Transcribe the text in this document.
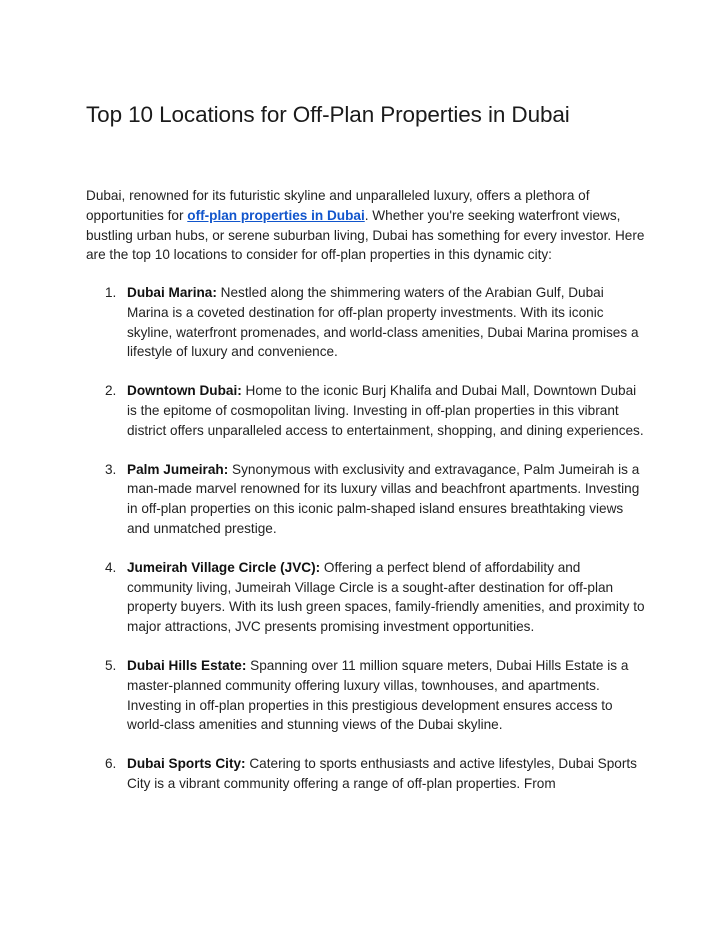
Top 10 Locations for Off-Plan Properties in Dubai

Dubai, renowned for its futuristic skyline and unparalleled luxury, offers a plethora of opportunities for off-plan properties in Dubai. Whether you're seeking waterfront views, bustling urban hubs, or serene suburban living, Dubai has something for every investor. Here are the top 10 locations to consider for off-plan properties in this dynamic city:

1. Dubai Marina: Nestled along the shimmering waters of the Arabian Gulf, Dubai Marina is a coveted destination for off-plan property investments. With its iconic skyline, waterfront promenades, and world-class amenities, Dubai Marina promises a lifestyle of luxury and convenience.
2. Downtown Dubai: Home to the iconic Burj Khalifa and Dubai Mall, Downtown Dubai is the epitome of cosmopolitan living. Investing in off-plan properties in this vibrant district offers unparalleled access to entertainment, shopping, and dining experiences.
3. Palm Jumeirah: Synonymous with exclusivity and extravagance, Palm Jumeirah is a man-made marvel renowned for its luxury villas and beachfront apartments. Investing in off-plan properties on this iconic palm-shaped island ensures breathtaking views and unmatched prestige.
4. Jumeirah Village Circle (JVC): Offering a perfect blend of affordability and community living, Jumeirah Village Circle is a sought-after destination for off-plan property buyers. With its lush green spaces, family-friendly amenities, and proximity to major attractions, JVC presents promising investment opportunities.
5. Dubai Hills Estate: Spanning over 11 million square meters, Dubai Hills Estate is a master-planned community offering luxury villas, townhouses, and apartments. Investing in off-plan properties in this prestigious development ensures access to world-class amenities and stunning views of the Dubai skyline.
6. Dubai Sports City: Catering to sports enthusiasts and active lifestyles, Dubai Sports City is a vibrant community offering a range of off-plan properties. From
